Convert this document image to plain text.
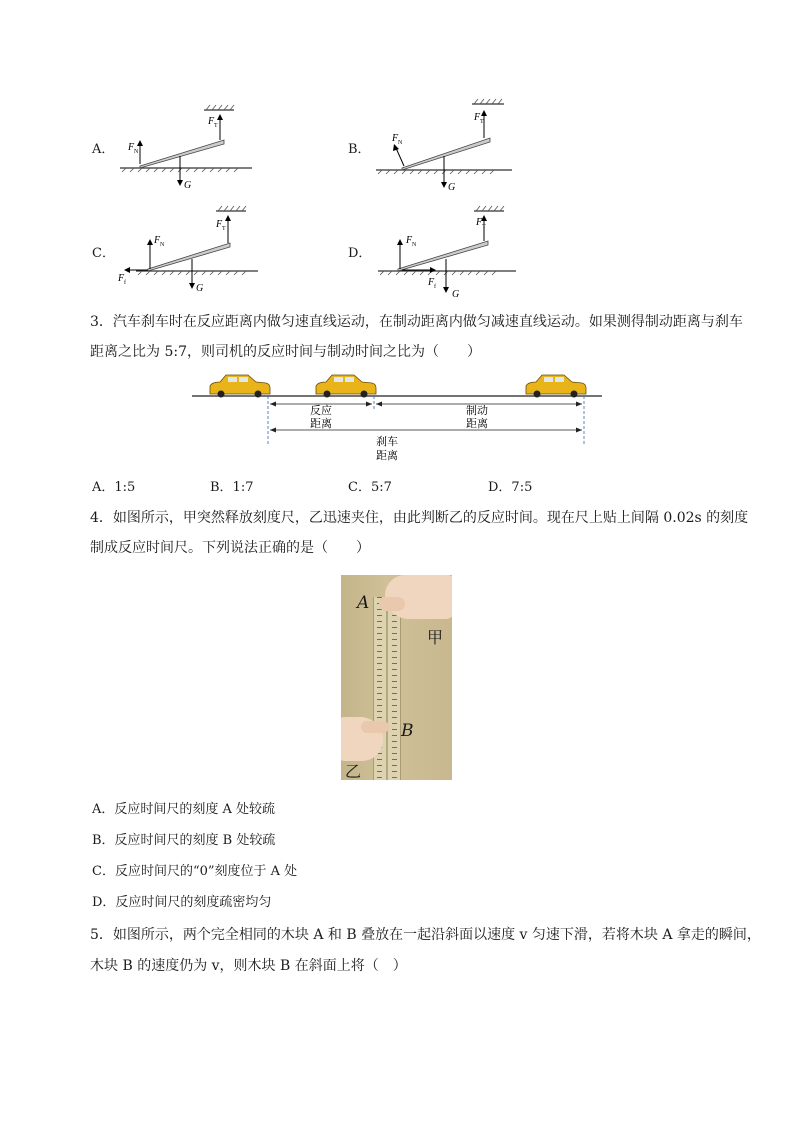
A． F N
F T
G
B．
F N
F T
G
C．
F N
F T
F f	G
D．
F N
F T
F f
G
3．汽车刹车时在反应距离内做匀速直线运动，在制动距离内做匀减速直线运动。如果测得制动距离与刹车
距离之比为 5:7，则司机的反应时间与制动时间之比为（　　）
反应
距离
制动
距离
刹车
距离
A．1:5	B．1:7	C．5:7	D．7:5
4．如图所示，甲突然释放刻度尺，乙迅速夹住，由此判断乙的反应时间。现在尺上贴上间隔 0.02s 的刻度
制成反应时间尺。下列说法正确的是（　　）
A
甲
B
乙
A．反应时间尺的刻度 A 处较疏
B．反应时间尺的刻度 B 处较疏
C．反应时间尺的“0”刻度位于 A 处
D．反应时间尺的刻度疏密均匀
5．如图所示，两个完全相同的木块 A 和 B 叠放在一起沿斜面以速度 v 匀速下滑，若将木块 A 拿走的瞬间，
木块 B 的速度仍为 v，则木块 B 在斜面上将（　）
